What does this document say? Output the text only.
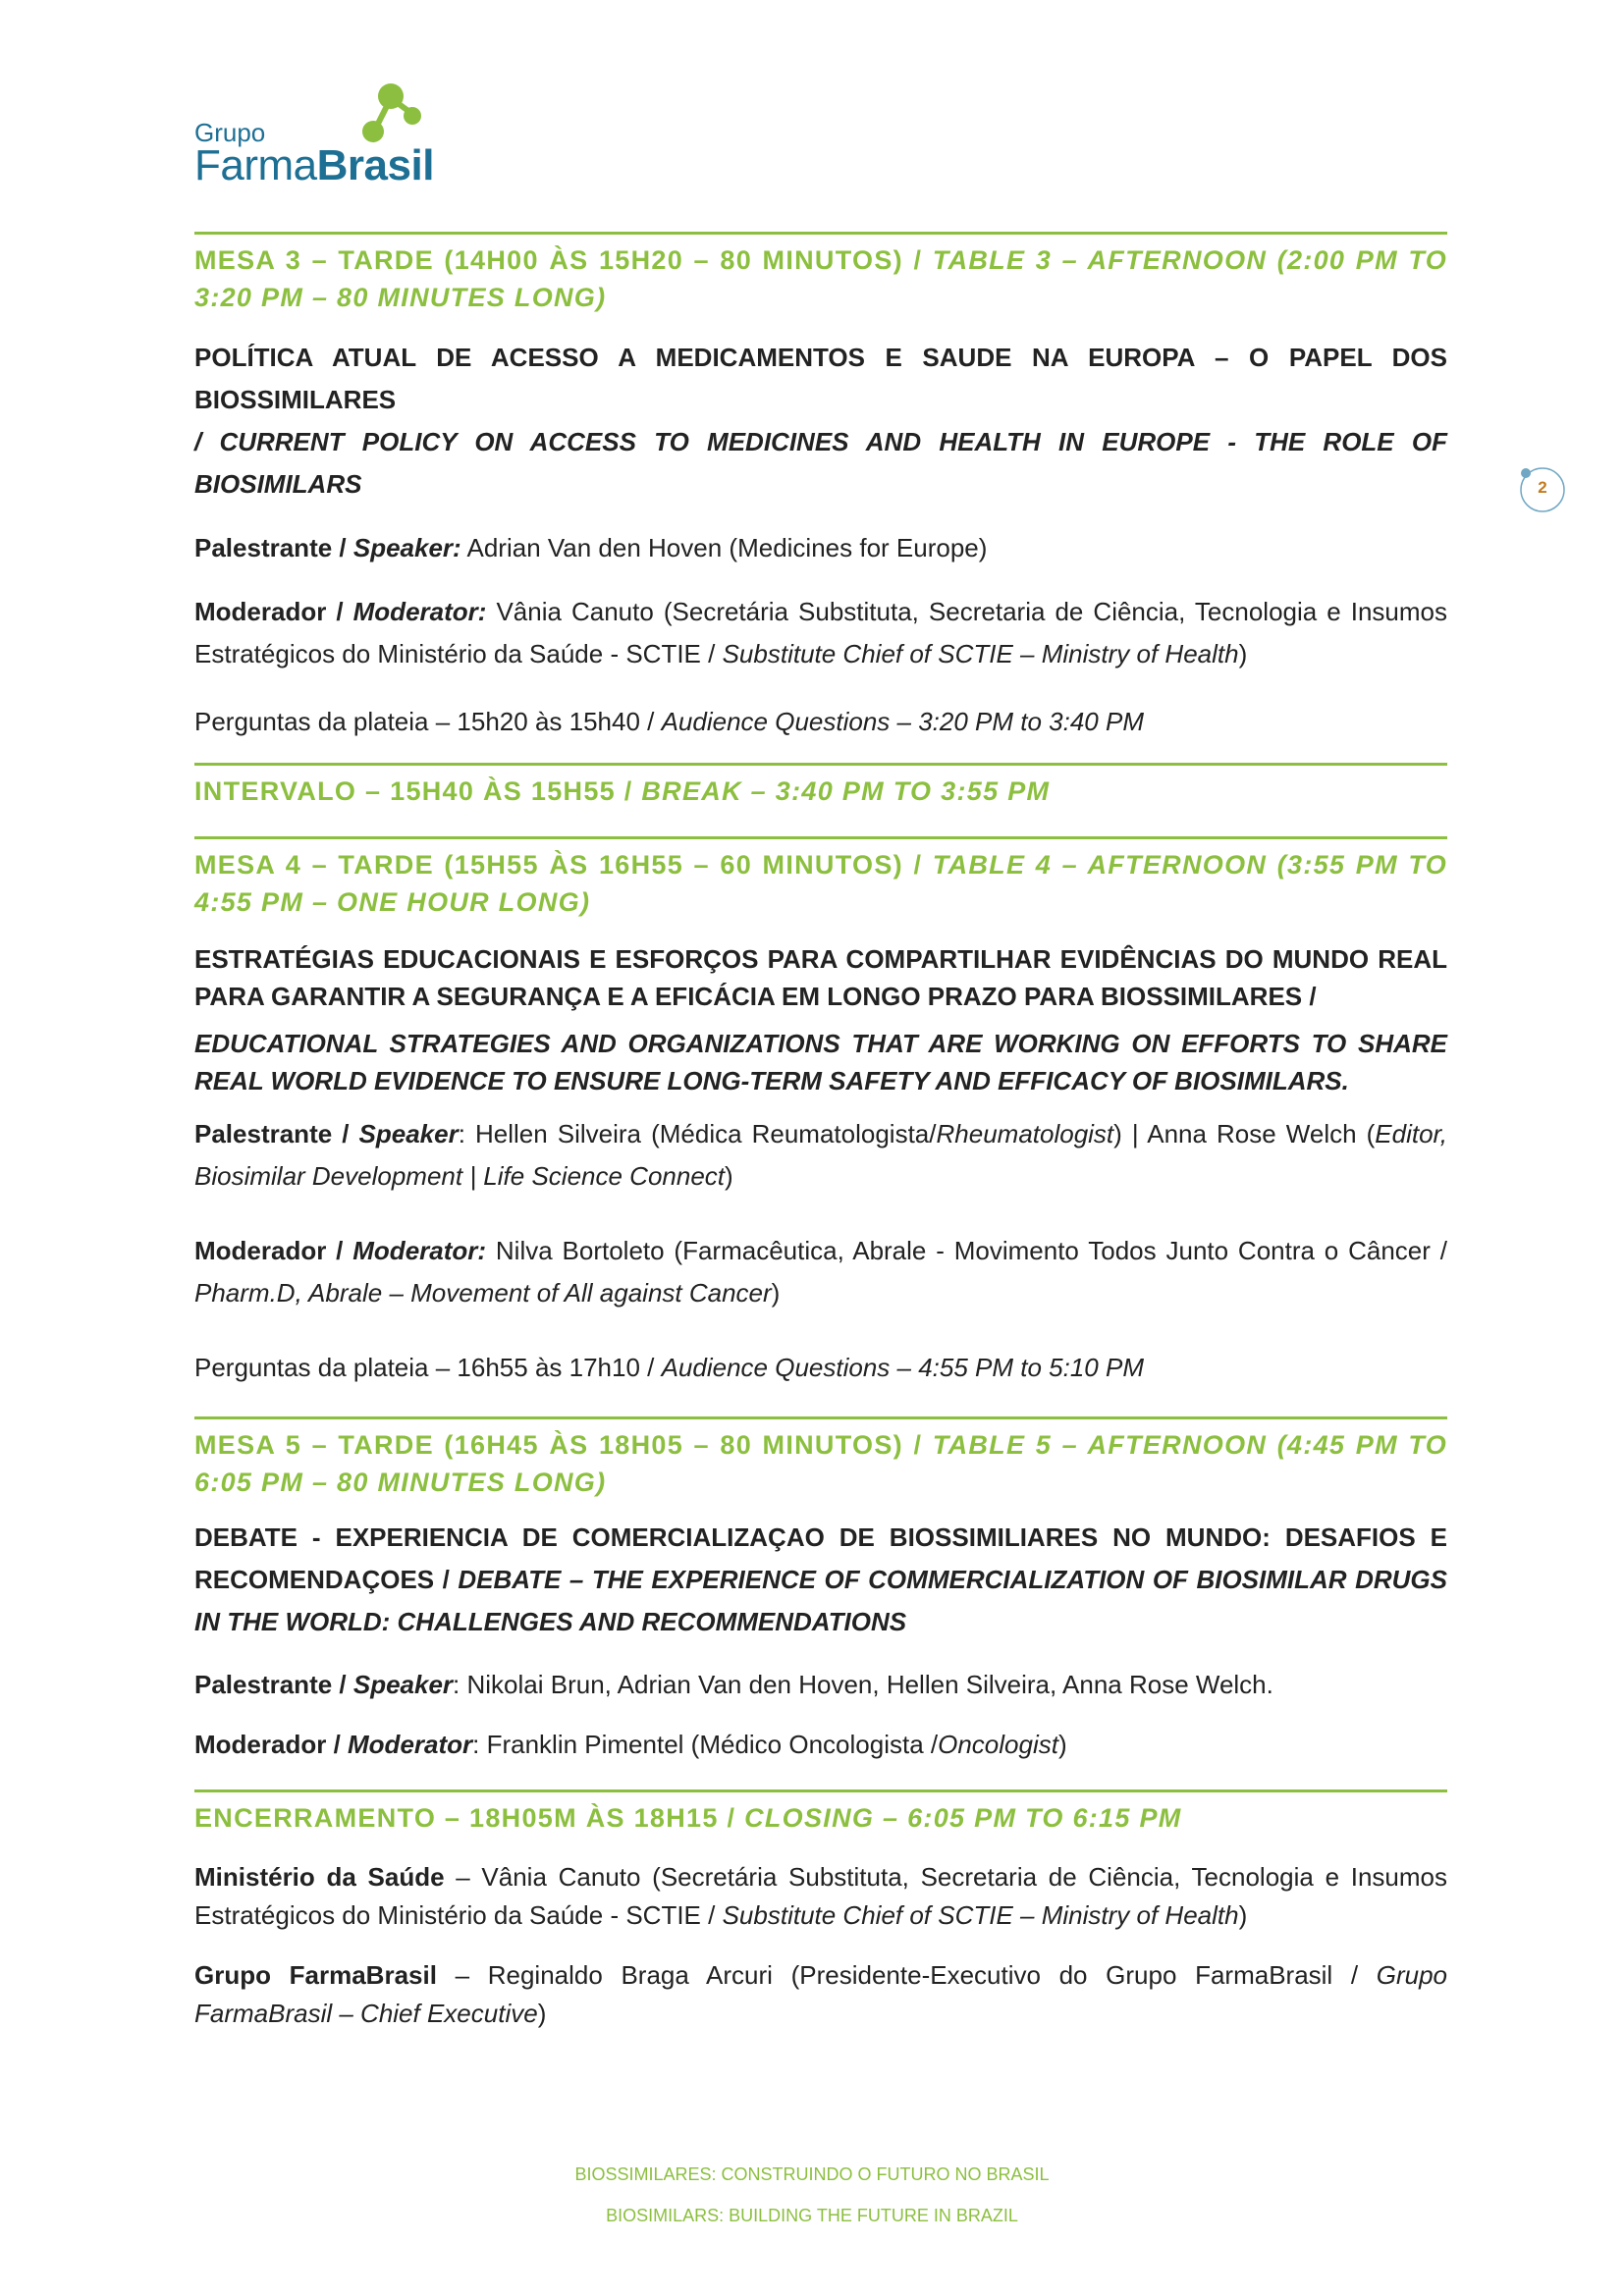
Grupo
FarmaBrasil
2
MESA 3 – TARDE (14H00 ÀS 15H20 – 80 MINUTOS) / TABLE 3 – AFTERNOON (2:00 PM TO 3:20 PM – 80 MINUTES LONG)
POLÍTICA ATUAL DE ACESSO A MEDICAMENTOS E SAUDE NA EUROPA – O PAPEL DOS BIOSSIMILARES
/ CURRENT POLICY ON ACCESS TO MEDICINES AND HEALTH IN EUROPE - THE ROLE OF BIOSIMILARS
Palestrante / Speaker: Adrian Van den Hoven (Medicines for Europe)
Moderador / Moderator: Vânia Canuto (Secretária Substituta, Secretaria de Ciência, Tecnologia e Insumos Estratégicos do Ministério da Saúde - SCTIE / Substitute Chief of SCTIE – Ministry of Health)
Perguntas da plateia – 15h20 às 15h40 / Audience Questions – 3:20 PM to 3:40 PM
INTERVALO – 15H40 ÀS 15H55 / BREAK – 3:40 PM TO 3:55 PM
MESA 4 – TARDE (15H55 ÀS 16H55 – 60 MINUTOS) / TABLE 4 – AFTERNOON (3:55 PM TO 4:55 PM – ONE HOUR LONG)
ESTRATÉGIAS EDUCACIONAIS E ESFORÇOS PARA COMPARTILHAR EVIDÊNCIAS DO MUNDO REAL PARA GARANTIR A SEGURANÇA E A EFICÁCIA EM LONGO PRAZO PARA BIOSSIMILARES /
EDUCATIONAL STRATEGIES AND ORGANIZATIONS THAT ARE WORKING ON EFFORTS TO SHARE REAL WORLD EVIDENCE TO ENSURE LONG-TERM SAFETY AND EFFICACY OF BIOSIMILARS.
Palestrante / Speaker: Hellen Silveira (Médica Reumatologista/Rheumatologist) | Anna Rose Welch (Editor, Biosimilar Development | Life Science Connect)
Moderador / Moderator: Nilva Bortoleto (Farmacêutica, Abrale - Movimento Todos Junto Contra o Câncer / Pharm.D, Abrale – Movement of All against Cancer)
Perguntas da plateia – 16h55 às 17h10 / Audience Questions – 4:55 PM to 5:10 PM
MESA 5 – TARDE (16H45 ÀS 18H05 – 80 MINUTOS) / TABLE 5 – AFTERNOON (4:45 PM TO 6:05 PM – 80 MINUTES LONG)
DEBATE - EXPERIENCIA DE COMERCIALIZAÇAO DE BIOSSIMILIARES NO MUNDO: DESAFIOS E RECOMENDAÇOES / DEBATE – THE EXPERIENCE OF COMMERCIALIZATION OF BIOSIMILAR DRUGS IN THE WORLD: CHALLENGES AND RECOMMENDATIONS
Palestrante / Speaker: Nikolai Brun, Adrian Van den Hoven, Hellen Silveira, Anna Rose Welch.
Moderador / Moderator: Franklin Pimentel (Médico Oncologista /Oncologist)
ENCERRAMENTO – 18H05M ÀS 18H15 / CLOSING – 6:05 PM TO 6:15 PM
Ministério da Saúde – Vânia Canuto (Secretária Substituta, Secretaria de Ciência, Tecnologia e Insumos Estratégicos do Ministério da Saúde - SCTIE / Substitute Chief of SCTIE – Ministry of Health)
Grupo FarmaBrasil – Reginaldo Braga Arcuri (Presidente-Executivo do Grupo FarmaBrasil / Grupo FarmaBrasil – Chief Executive)
BIOSSIMILARES: CONSTRUINDO O FUTURO NO BRASIL
BIOSIMILARS: BUILDING THE FUTURE IN BRAZIL
